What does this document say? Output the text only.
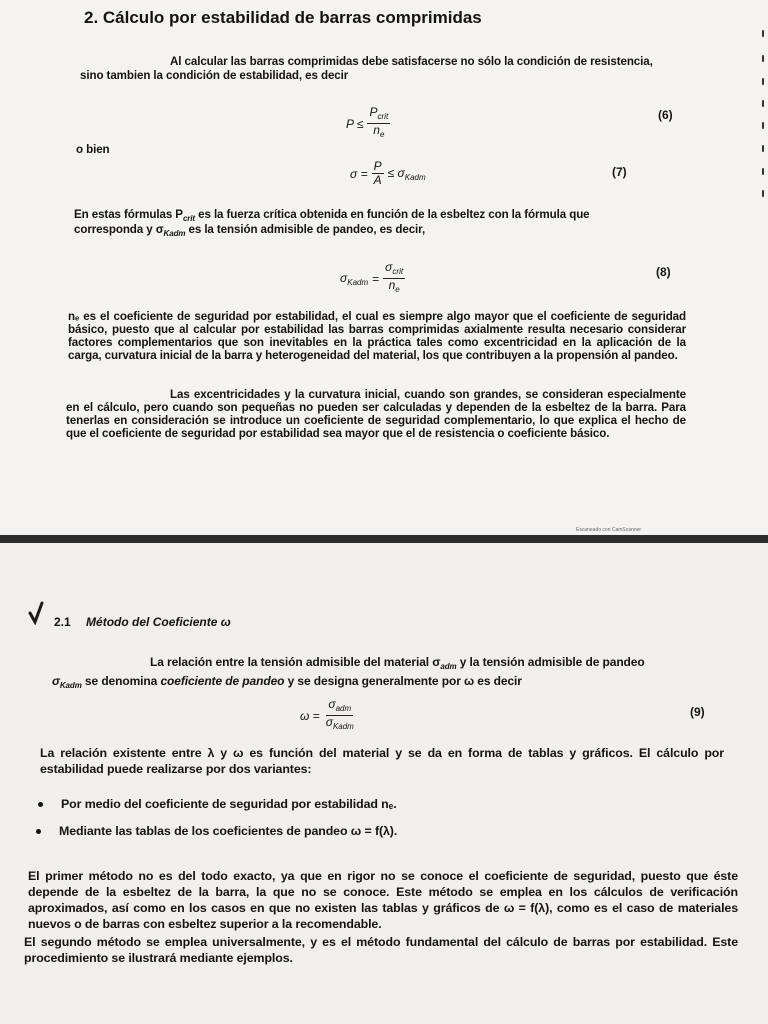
2. Cálculo por estabilidad de barras comprimidas
Al calcular las barras comprimidas debe satisfacerse no sólo la condición de resistencia,
sino tambien la condición de estabilidad, es decir
$P \le \frac{P_{crit}}{n_e}$	(6)
o bien
$\sigma = \frac{P}{A} \le \sigma_{Kadm}$	(7)
En estas fórmulas $P_{crit}$ es la fuerza crítica obtenida en función de la esbeltez con la fórmula que
corresponda y $\sigma_{Kadm}$ es la tensión admisible de pandeo, es decir,
$\sigma_{Kadm} = \frac{\sigma_{crit}}{n_e}$	(8)
nₑ es el coeficiente de seguridad por estabilidad, el cual es siempre algo mayor que el coeficiente de seguridad básico, puesto que al calcular por estabilidad las barras comprimidas axialmente resulta necesario considerar factores complementarios que son inevitables en la práctica tales como excentricidad en la aplicación de la carga, curvatura inicial de la barra y heterogeneidad del material, los que contribuyen a la propensión al pandeo.
Las excentricidades y la curvatura inicial, cuando son grandes, se consideran especialmente en el cálculo, pero cuando son pequeñas no pueden ser calculadas y dependen de la esbeltez de la barra. Para tenerlas en consideración se introduce un coeficiente de seguridad complementario, lo que explica el hecho de que el coeficiente de seguridad por estabilidad sea mayor que el de resistencia o coeficiente básico.
Escaneado con CamScanner
2.1 Método del Coeficiente ω
La relación entre la tensión admisible del material $\sigma_{adm}$ y la tensión admisible de pandeo
$\sigma_{Kadm}$ se denomina coeficiente de pandeo y se designa generalmente por ω es decir
$\omega = \frac{\sigma_{adm}}{\sigma_{Kadm}}$	(9)
La relación existente entre λ y ω es función del material y se da en forma de tablas y gráficos. El cálculo por estabilidad puede realizarse por dos variantes:
Por medio del coeficiente de seguridad por estabilidad nₑ.
Mediante las tablas de los coeficientes de pandeo ω = f(λ).
El primer método no es del todo exacto, ya que en rigor no se conoce el coeficiente de seguridad, puesto que éste depende de la esbeltez de la barra, la que no se conoce. Este método se emplea en los cálculos de verificación aproximados, así como en los casos en que no existen las tablas y gráficos de ω = f(λ), como es el caso de materiales nuevos o de barras con esbeltez superior a la recomendable.
El segundo método se emplea universalmente, y es el método fundamental del cálculo de barras por estabilidad. Este procedimiento se ilustrará mediante ejemplos.
